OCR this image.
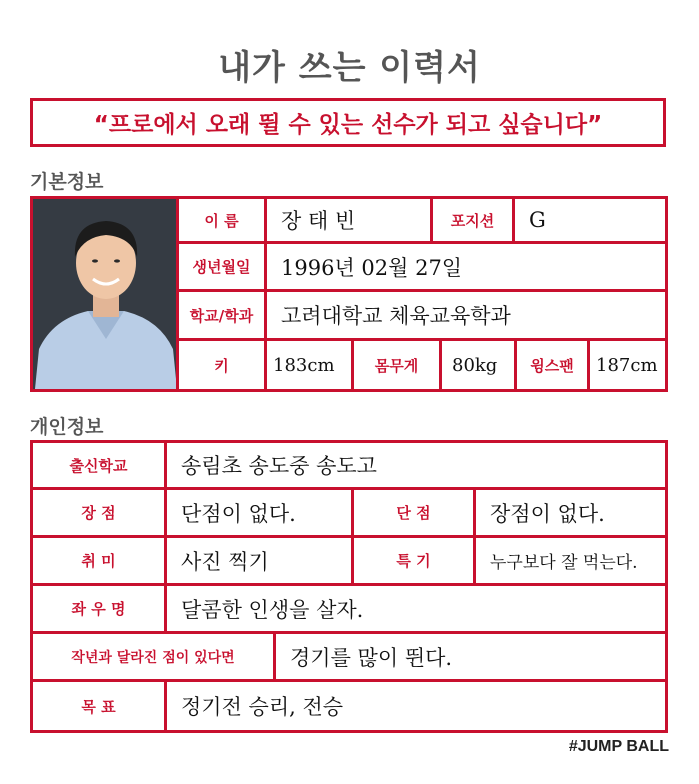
내가 쓰는 이력서
“프로에서 오래 뛸 수 있는 선수가 되고 싶습니다”
기본정보
이 름	장 태 빈	포지션	G
생년월일	1996년 02월 27일
학교/학과	고려대학교 체육교육학과
키	183cm	몸무게	80kg	윙스팬	187cm
개인정보
출신학교	송림초 송도중 송도고
장 점	단점이 없다.	단 점	장점이 없다.
취 미	사진 찍기	특 기	누구보다 잘 먹는다.
좌 우 명	달콤한 인생을 살자.
작년과 달라진 점이 있다면	경기를 많이 뛴다.
목 표	정기전 승리, 전승
#JUMP BALL
